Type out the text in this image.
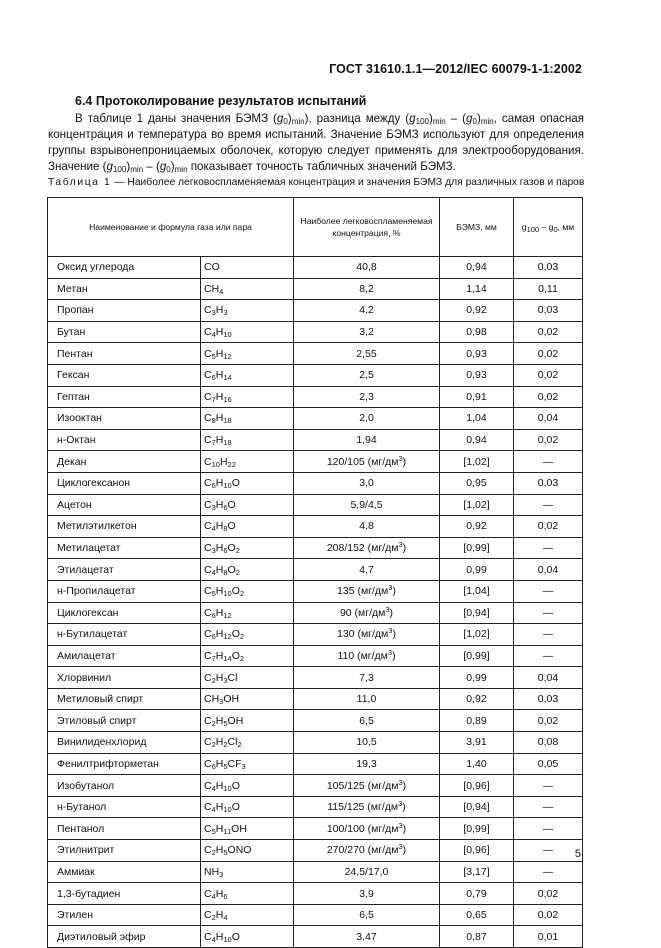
ГОСТ 31610.1.1—2012/IEC 60079-1-1:2002
6.4 Протоколирование результатов испытаний

В таблице 1 даны значения БЭМЗ $(g_0)_{min}$), разница между $(g_{100})_{min} - (g_0)_{min}$, самая опасная концентрация и температура во время испытаний. Значение БЭМЗ используют для определения группы взрывонепроницаемых оболочек, которую следует применять для электрооборудования. Значение $(g_{100})_{min} - (g_0)_{min}$ показывает точность табличных значений БЭМЗ.

Таблица 1 — Наиболее легковоспламеняемая концентрация и значения БЭМЗ для различных газов и паров
Наименование и формула газа или пара		Наиболее легковоспламеняемая концентрация, %	БЭМЗ, мм	$g_{100} - g_0$, мм
Оксид углерода	CO	40,8	0,94	0,03
Метан	$CH_4$	8,2	1,14	0,11
Пропан	$C_3H_3$	4,2	0,92	0,03
Бутан	$C_4H_{10}$	3,2	0,98	0,02
Пентан	$C_5H_{12}$	2,55	0,93	0,02
Гексан	$C_6H_{14}$	2,5	0,93	0,02
Гептан	$C_7H_{16}$	2,3	0,91	0,02
Изооктан	$C_8H_{18}$	2,0	1,04	0,04
н-Октан	$C_7H_{18}$	1,94	0,94	0,02
Декан	$C_{10}H_{22}$	120/105 $(мг/дм^3)$	[1,02]	—
Циклогексанон	$C_6H_{10}O$	3,0	0,95	0,03
Ацетон	$C_3H_6O$	5,9/4,5	[1,02]	—
Метилэтилкетон	$C_4H_8O$	4,8	0,92	0,02
Метилацетат	$C_3H_6O_2$	208/152 $(мг/дм^3)$	[0,99]	—
Этилацетат	$C_4H_8O_2$	4,7	0,99	0,04
н-Пропилацетат	$C_5H_{10}O_2$	135 $(мг/дм^3)$	[1,04]	—
Циклогексан	$C_6H_{12}$	90 $(мг/дм^3)$	[0,94]	—
н-Бутилацетат	$C_6H_{12}O_2$	130 $(мг/дм^3)$	[1,02]	—
Амилацетат	$C_7H_{14}O_2$	110 $(мг/дм^3)$	[0,99]	—
Хлорвинил	$C_2H_3Cl$	7,3	0,99	0,04
Метиловый спирт	$CH_3OH$	11,0	0,92	0,03
Этиловый спирт	$C_2H_5OH$	6,5	0,89	0,02
Винилиденхлорид	$C_2H_2Cl_2$	10,5	3,91	0,08
Фенилтрифторметан	$C_6H_5CF_3$	19,3	1,40	0,05
Изобутанол	$C_4H_{10}O$	105/125 $(мг/дм^3)$	[0,96]	—
н-Бутанол	$C_4H_{10}O$	115/125 $(мг/дм^3)$	[0,94]	—
Пентанол	$C_5H_{11}OH$	100/100 $(мг/дм^3)$	[0,99]	—
Этилнитрит	$C_2H_5ONO$	270/270 $(мг/дм^3)$	[0,96]	—
Аммиак	$NH_3$	24,5/17,0	[3,17]	—
1,3-бутадиен	$C_4H_6$	3,9	0,79	0,02
Этилен	$C_2H_4$	6,5	0,65	0,02
Диэтиловый эфир	$C_4H_{10}O$	3,47	0,87	0,01
5
